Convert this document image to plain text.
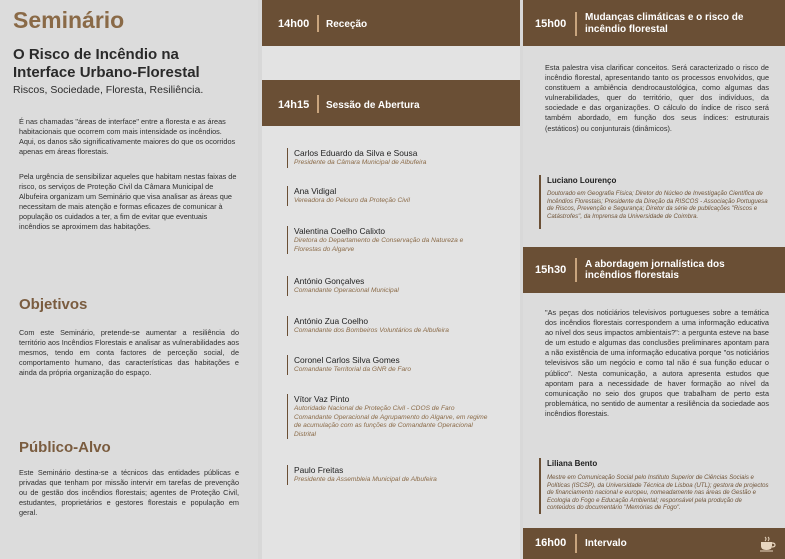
Seminário
O Risco de Incêndio na
Interface Urbano-Florestal
Riscos, Sociedade, Floresta, Resiliência.

É nas chamadas "áreas de interface" entre a floresta e as áreas habitacionais que ocorrem com mais intensidade os incêndios. Aqui, os danos são significativamente maiores do que os ocorridos apenas em áreas florestais.

Pela urgência de sensibilizar aqueles que habitam nestas faixas de risco, os serviços de Proteção Civil da Câmara Municipal de Albufeira organizam um Seminário que visa analisar as áreas que necessitam de mais atenção e formas eficazes de comunicar à população os cuidados a ter, a fim de evitar que eventuais incêndios se aproximem das habitações.

Objetivos

Com este Seminário, pretende-se aumentar a resiliência do território aos Incêndios Florestais e analisar as vulnerabilidades aos mesmos, tendo em conta factores de perceção social, de comportamento humano, das características das habitações e ainda da própria organização do espaço.

Público-Alvo

Este Seminário destina-se a técnicos das entidades públicas e privadas que tenham por missão intervir em tarefas de prevenção ou de gestão dos incêndios florestais; agentes de Proteção Civil, estudantes, proprietários e gestores florestais e população em geral.

14h00 Receção
14h15 Sessão de Abertura
Carlos Eduardo da Silva e Sousa
Presidente da Câmara Municipal de Albufeira
Ana Vidigal
Vereadora do Pelouro da Proteção Civil
Valentina Coelho Calixto
Diretora do Departamento de Conservação da Natureza e Florestas do Algarve
António Gonçalves
Comandante Operacional Municipal
António Zua Coelho
Comandante dos Bombeiros Voluntários de Albufeira
Coronel Carlos Silva Gomes
Comandante Territorial da GNR de Faro
Vítor Vaz Pinto
Autoridade Nacional de Proteção Civil - CDOS de Faro Comandante Operacional de Agrupamento do Algarve, em regime de acumulação com as funções de Comandante Operacional Distrital
Paulo Freitas
Presidente da Assembleia Municipal de Albufeira
15h00
Mudanças climáticas e o risco de
incêndio florestal

Esta palestra visa clarificar conceitos. Será caracterizado o risco de incêndio florestal, apresentando tanto os processos envolvidos, que constituem a ambiência dendrocaustológica, como algumas das vulnerabilidades, quer do território, quer dos indivíduos, da sociedade e das organizações. O cálculo do índice de risco será também abordado, em função dos seus índices: estruturais (estáticos) ou conjunturais (dinâmicos).

Luciano Lourenço

Doutorado em Geografia Física; Diretor do Núcleo de Investigação Científica de Incêndios Florestais; Presidente da Direção da RISCOS - Associação Portuguesa de Riscos, Prevenção e Segurança; Diretor da série de publicações "Riscos e Catástrofes", da Imprensa da Universidade de Coimbra.

15h30 A abordagem jornalística dos
incêndios florestais

"As peças dos noticiários televisivos portugueses sobre a temática dos incêndios florestais correspondem a uma informação educativa ao nível dos seus impactos ambientais?": a pergunta esteve na base de um estudo e algumas das conclusões preliminares apontam para a não existência de uma informação educativa porque "os noticiários televisivos são um negócio e como tal não é sua função educar o público". Nesta comunicação, a autora apresenta estudos que apontam para a necessidade de haver formação ao nível da comunicação no seio dos grupos que trabalham de perto esta problemática, no sentido de aumentar a resiliência da sociedade aos incêndios florestais.

Liliana Bento

Mestre em Comunicação Social pelo Instituto Superior de Ciências Sociais e Políticas (ISCSP), da Universidade Técnica de Lisboa (UTL); gestora de projectos de financiamento nacional e europeu, nomeadamente nas áreas de Gestão e Ecologia do Fogo e Educação Ambiental; responsável pela produção de conteúdos do documentário "Memórias de Fogo".

16h00 Intervalo
